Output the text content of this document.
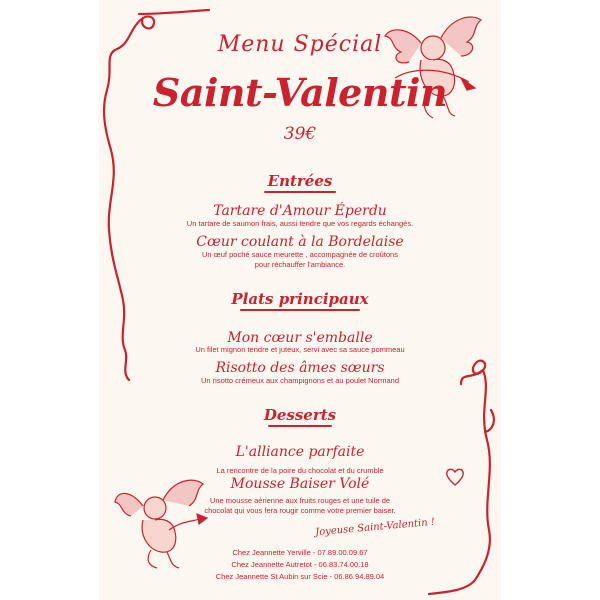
Menu Spécial
Saint-Valentin
39€
Entrées
Tartare d'Amour Éperdu
Un tartare de saumon frais, aussi tendre que vos regards échangés.
Cœur coulant à la Bordelaise
Un œuf poché sauce meurette , accompagnée de croûtons
pour réchauffer l'ambiance.
Plats principaux
Mon cœur s'emballe
Un filet mignon tendre et juteux, servi avec sa sauce pommeau
Risotto des âmes sœurs
Un risotto crémeux aux champignons et au poulet Normand
Desserts
L'alliance parfaite
La rencontre de la poire du chocolat et du crumble
Mousse Baiser Volé
Une mousse aérienne aux fruits rouges et une tuile de
chocolat qui vous fera rougir comme votre premier baiser.
Joyeuse Saint-Valentin !
Chez Jeannette Yerville - 07.89.00.09.67
Chez Jeannette Autretot - 06.83.74.00.18
Chez Jeannette St Aubin sur Scie - 06.86.94.89.04
